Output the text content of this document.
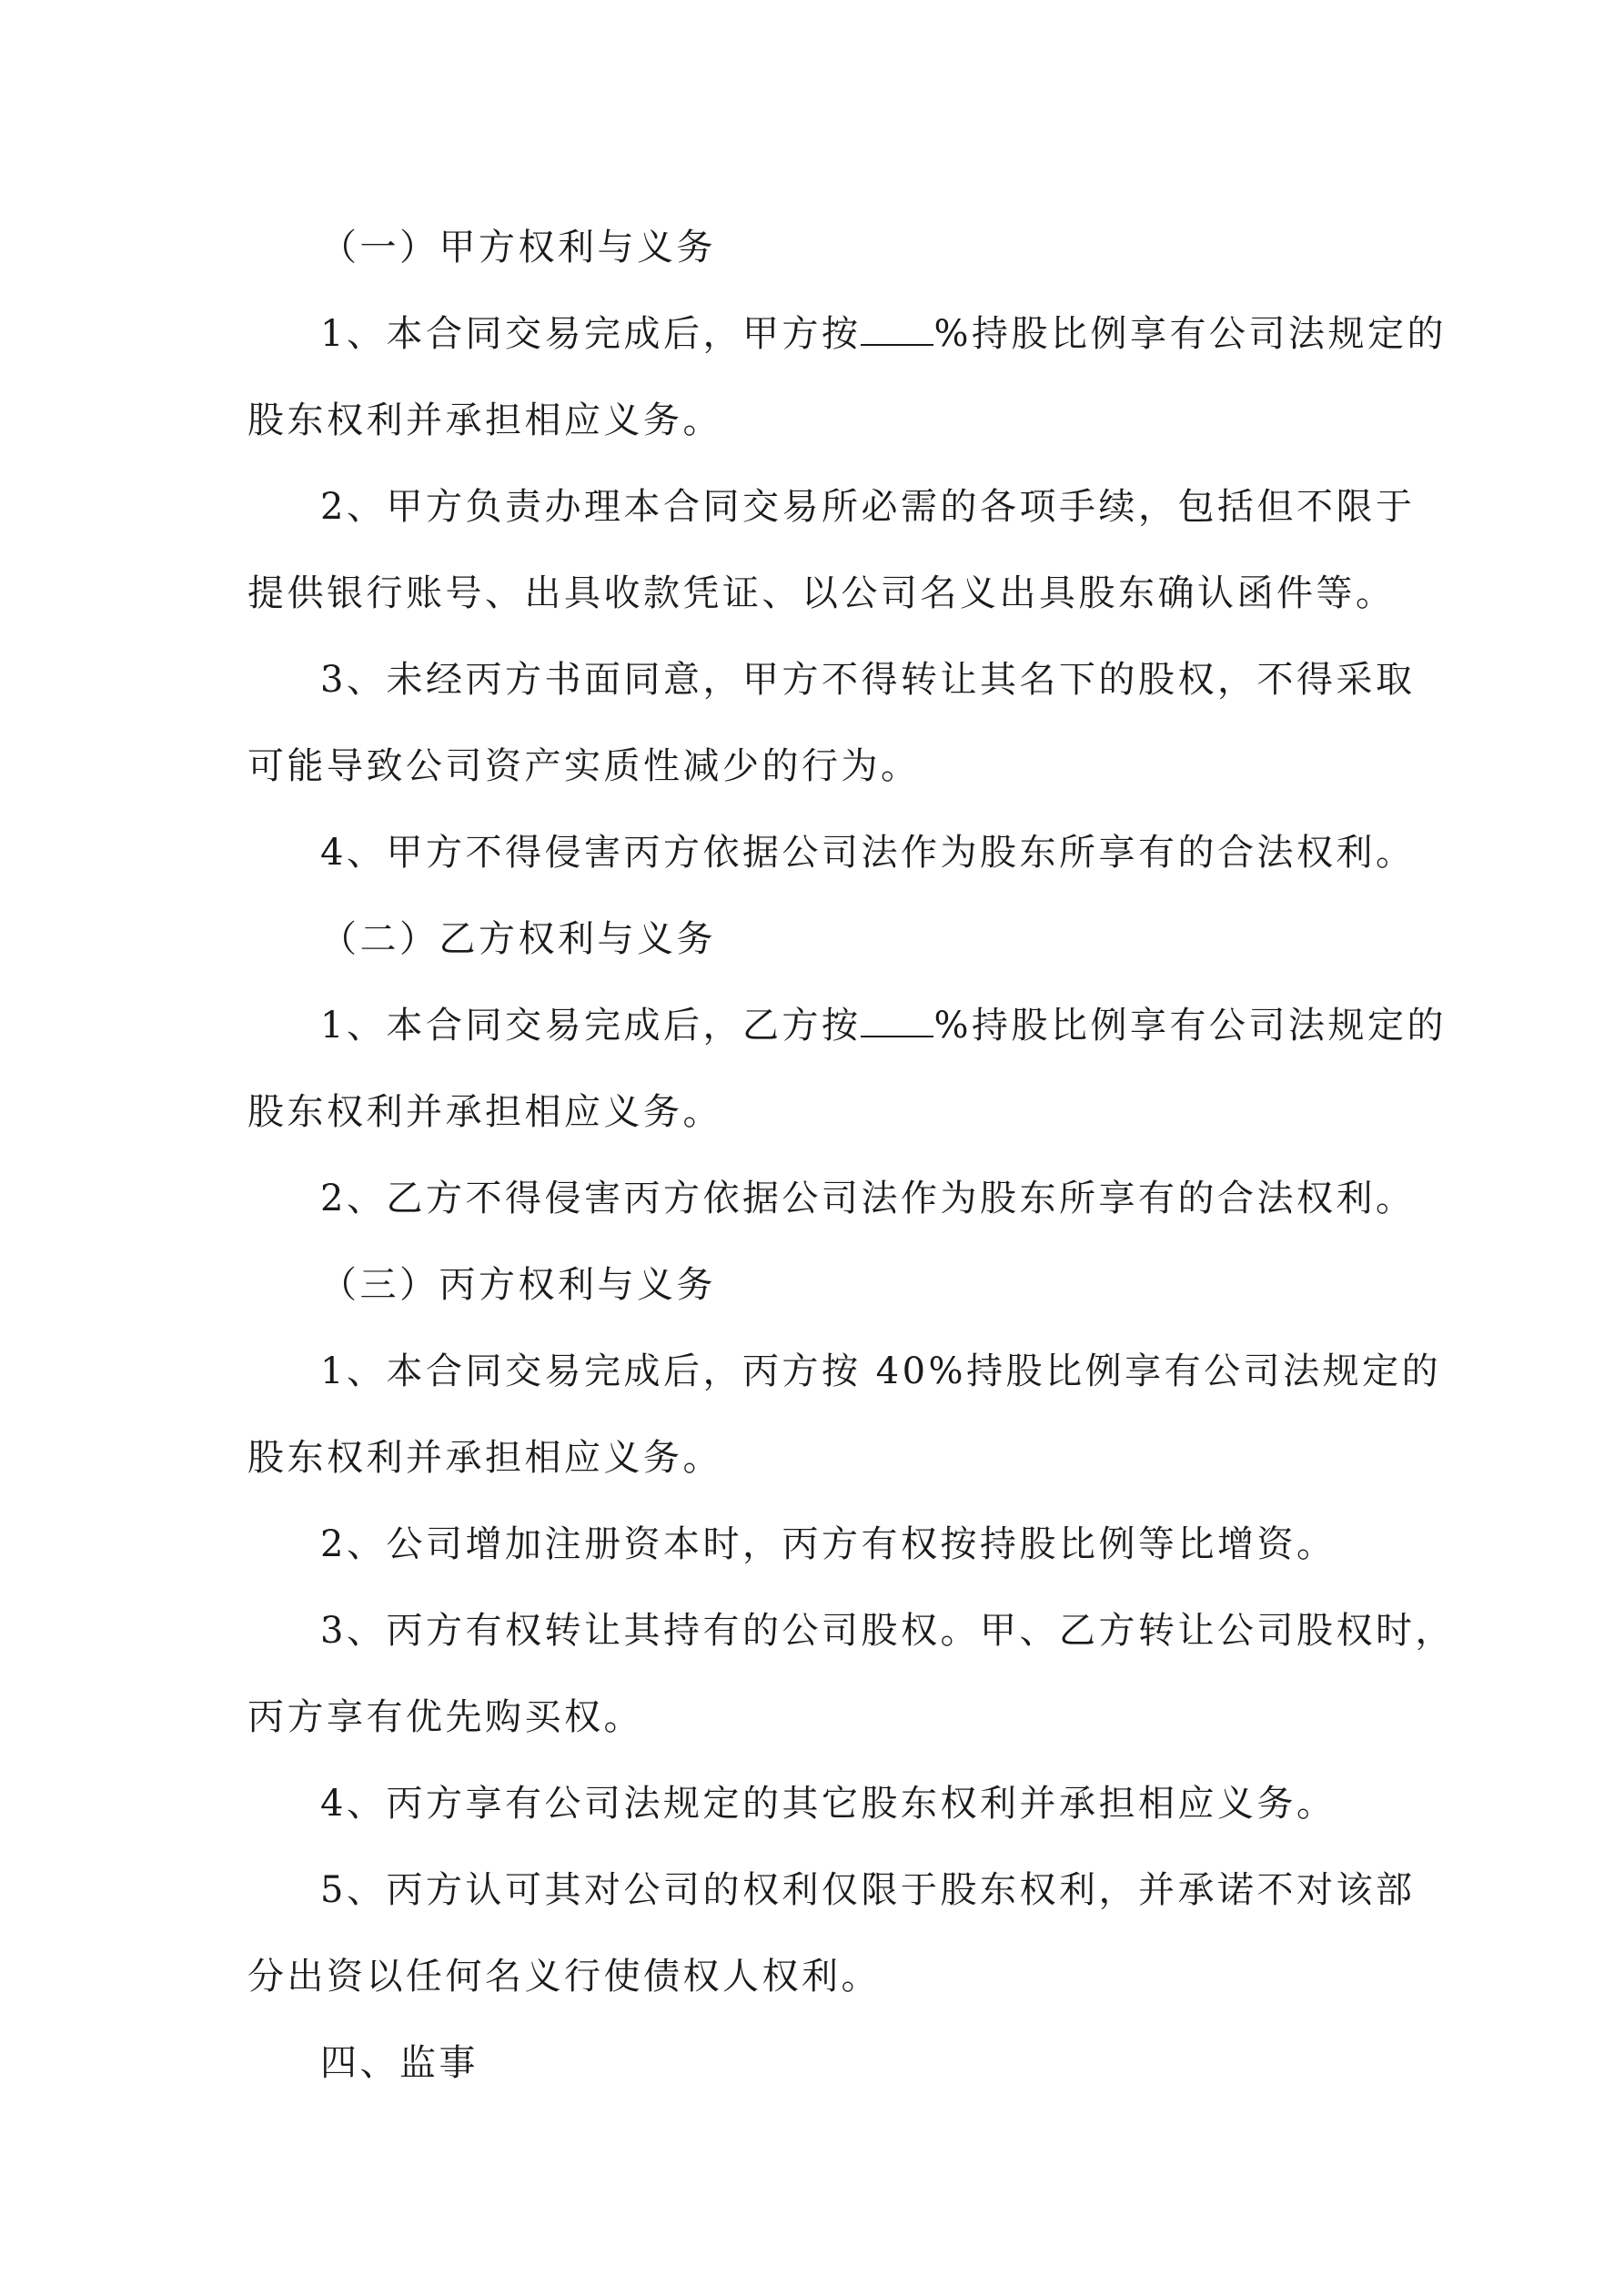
（一）甲方权利与义务
1、本合同交易完成后，甲方按 %持股比例享有公司法规定的
股东权利并承担相应义务。
2、甲方负责办理本合同交易所必需的各项手续，包括但不限于
提供银行账号、出具收款凭证、以公司名义出具股东确认函件等。
3、未经丙方书面同意，甲方不得转让其名下的股权，不得采取
可能导致公司资产实质性减少的行为。
4、甲方不得侵害丙方依据公司法作为股东所享有的合法权利。
（二）乙方权利与义务
1、本合同交易完成后，乙方按 %持股比例享有公司法规定的
股东权利并承担相应义务。
2、乙方不得侵害丙方依据公司法作为股东所享有的合法权利。
（三）丙方权利与义务
1、本合同交易完成后，丙方按 40%持股比例享有公司法规定的
股东权利并承担相应义务。
2、公司增加注册资本时，丙方有权按持股比例等比增资。
3、丙方有权转让其持有的公司股权。甲、乙方转让公司股权时，
丙方享有优先购买权。
4、丙方享有公司法规定的其它股东权利并承担相应义务。
5、丙方认可其对公司的权利仅限于股东权利，并承诺不对该部
分出资以任何名义行使债权人权利。
四、监事
